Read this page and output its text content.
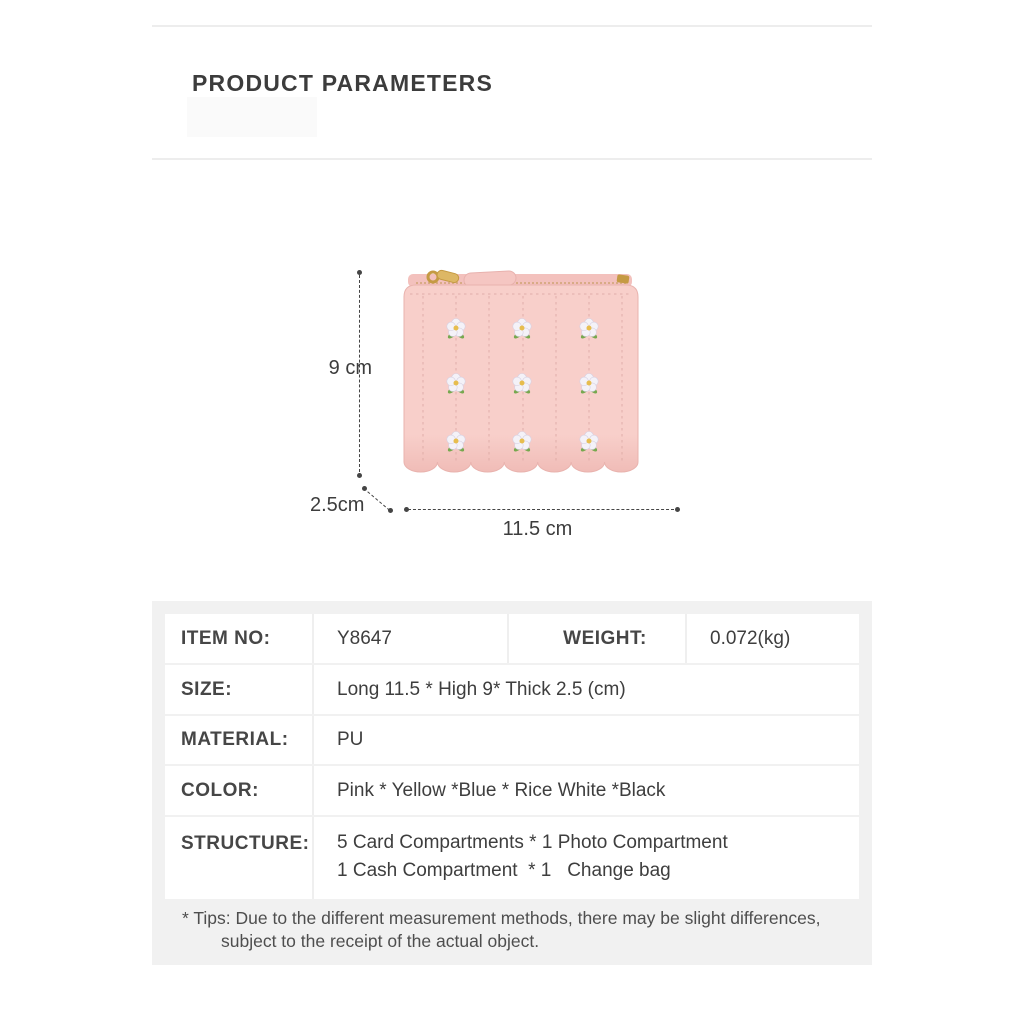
PRODUCT PARAMETERS
9 cm
2.5cm
11.5 cm
ITEM NO:	Y8647	WEIGHT:	0.072(kg)
SIZE:	Long 11.5 * High 9* Thick 2.5 (cm)
MATERIAL:	PU
COLOR:	Pink * Yellow *Blue * Rice White *Black
STRUCTURE: 5 Card Compartments * 1 Photo Compartment
1 Cash Compartment  * 1   Change bag
* Tips: Due to the different measurement methods, there may be slight differences,
subject to the receipt of the actual object.
